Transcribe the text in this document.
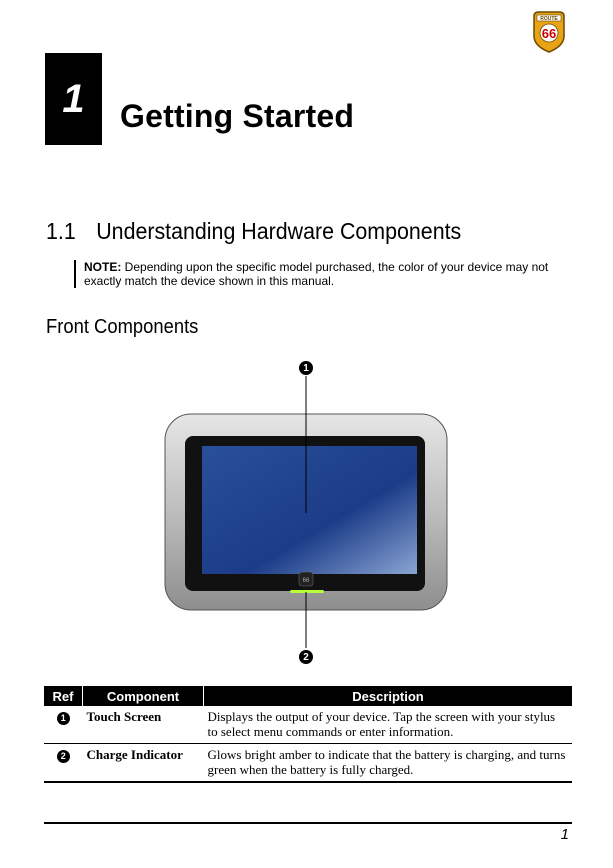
ROUTE
66
1	Getting Started
1.1 Understanding Hardware Components
NOTE: Depending upon the specific model purchased, the color of your device may not exactly match the device shown in this manual.
Front Components
66
1
2
Ref	Component	Description
1	Touch Screen	Displays the output of your device. Tap the screen with your stylus to select menu commands or enter information.
2	Charge Indicator	Glows bright amber to indicate that the battery is charging, and turns green when the battery is fully charged.
1
